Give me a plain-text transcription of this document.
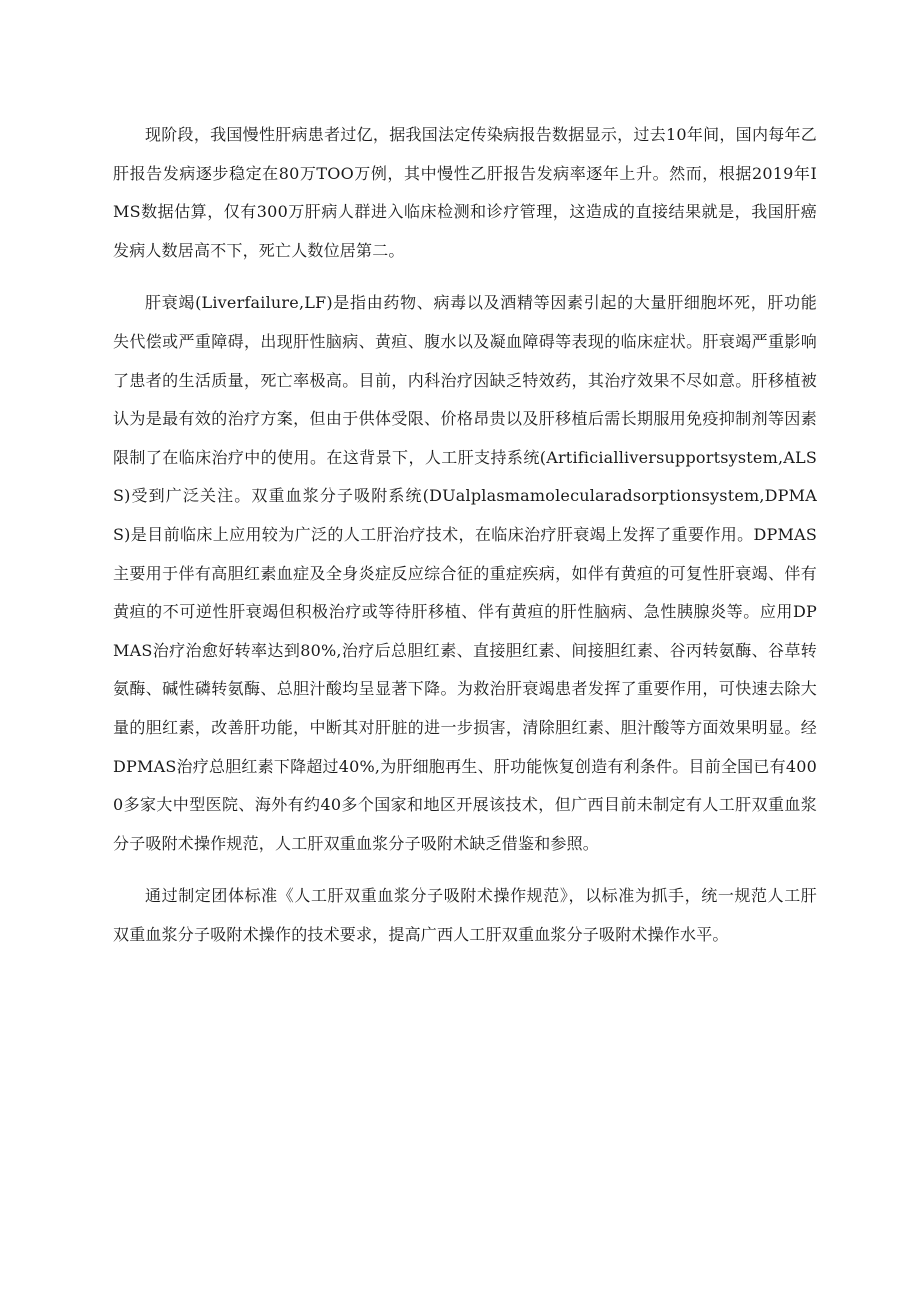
现阶段，我国慢性肝病患者过亿，据我国法定传染病报告数据显示，过去10年间，国内每年乙肝报告发病逐步稳定在80万TOO万例，其中慢性乙肝报告发病率逐年上升。然而，根据2019年IMS数据估算，仅有300万肝病人群进入临床检测和诊疗管理，这造成的直接结果就是，我国肝癌发病人数居高不下，死亡人数位居第二。

肝衰竭(Liverfailure,LF)是指由药物、病毒以及酒精等因素引起的大量肝细胞坏死，肝功能失代偿或严重障碍，出现肝性脑病、黄疸、腹水以及凝血障碍等表现的临床症状。肝衰竭严重影响了患者的生活质量，死亡率极高。目前，内科治疗因缺乏特效药，其治疗效果不尽如意。肝移植被认为是最有效的治疗方案，但由于供体受限、价格昂贵以及肝移植后需长期服用免疫抑制剂等因素限制了在临床治疗中的使用。在这背景下，人工肝支持系统(Artificialliversupportsystem,ALSS)受到广泛关注。双重血浆分子吸附系统(DUalplasmamolecularadsorptionsystem,DPMAS)是目前临床上应用较为广泛的人工肝治疗技术，在临床治疗肝衰竭上发挥了重要作用。DPMAS主要用于伴有高胆红素血症及全身炎症反应综合征的重症疾病，如伴有黄疸的可复性肝衰竭、伴有黄疸的不可逆性肝衰竭但积极治疗或等待肝移植、伴有黄疸的肝性脑病、急性胰腺炎等。应用DPMAS治疗治愈好转率达到80%,治疗后总胆红素、直接胆红素、间接胆红素、谷丙转氨酶、谷草转氨酶、碱性磷转氨酶、总胆汁酸均呈显著下降。为救治肝衰竭患者发挥了重要作用，可快速去除大量的胆红素，改善肝功能，中断其对肝脏的进一步损害，清除胆红素、胆汁酸等方面效果明显。经DPMAS治疗总胆红素下降超过40%,为肝细胞再生、肝功能恢复创造有利条件。目前全国已有4000多家大中型医院、海外有约40多个国家和地区开展该技术，但广西目前未制定有人工肝双重血浆分子吸附术操作规范，人工肝双重血浆分子吸附术缺乏借鉴和参照。

通过制定团体标准《人工肝双重血浆分子吸附术操作规范》，以标准为抓手，统一规范人工肝双重血浆分子吸附术操作的技术要求，提高广西人工肝双重血浆分子吸附术操作水平。
